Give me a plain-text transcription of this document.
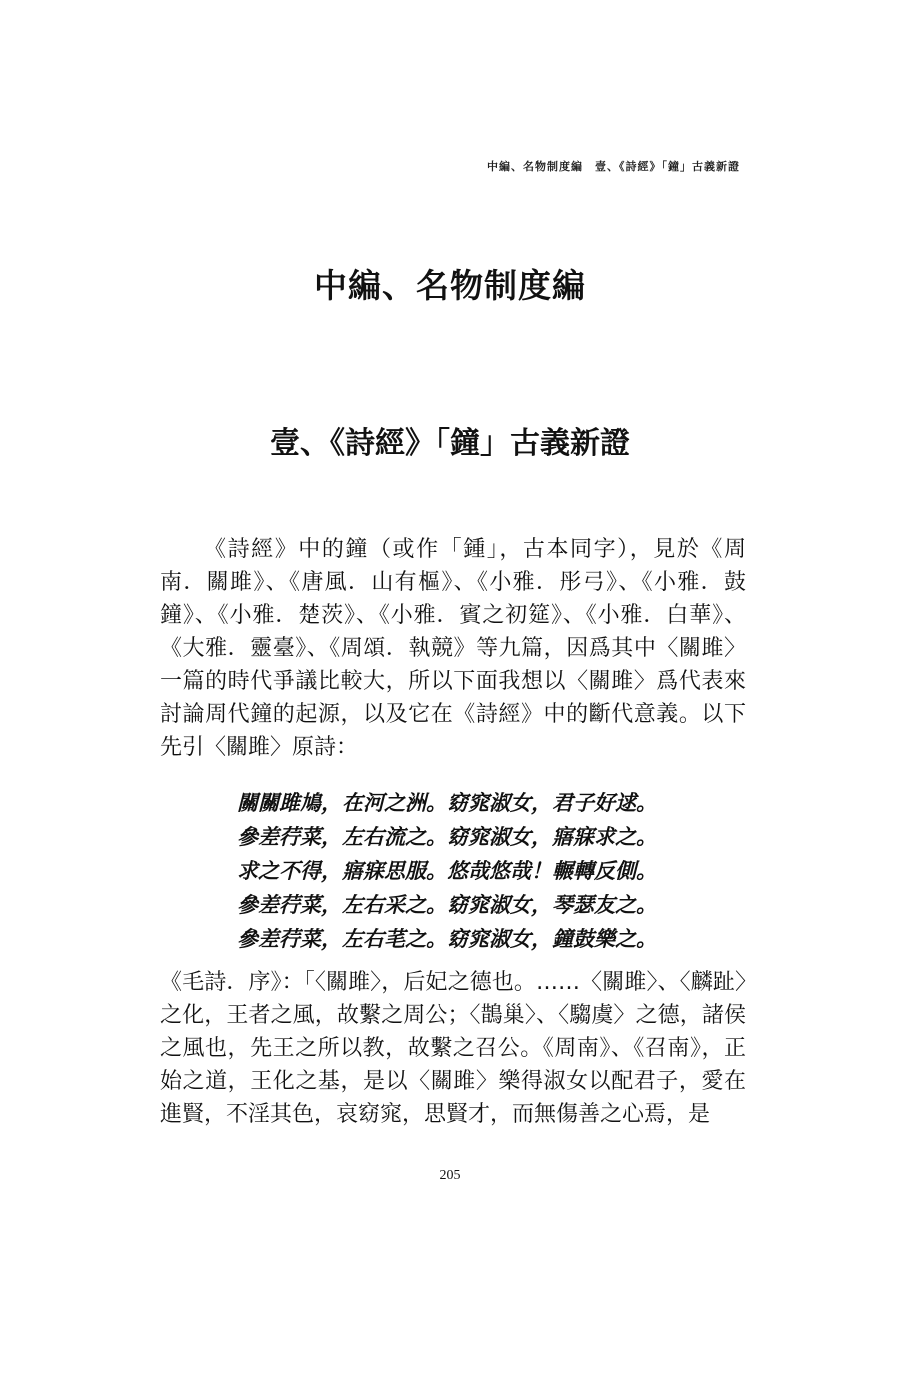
中編、名物制度編　壹、《詩經》「鐘」古義新證
中編、名物制度編
壹、《詩經》「鐘」古義新證

《詩經》中的鐘（或作「鍾」，古本同字），見於《周南．關雎》、《唐風．山有樞》、《小雅．彤弓》、《小雅．鼓鐘》、《小雅．楚茨》、《小雅．賓之初筵》、《小雅．白華》、《大雅．靈臺》、《周頌．執競》等九篇，因爲其中〈關雎〉一篇的時代爭議比較大，所以下面我想以〈關雎〉爲代表來討論周代鐘的起源，以及它在《詩經》中的斷代意義。以下先引〈關雎〉原詩：

關關雎鳩，在河之洲。窈窕淑女，君子好逑。
參差荇菜，左右流之。窈窕淑女，寤寐求之。
求之不得，寤寐思服。悠哉悠哉！輾轉反側。
參差荇菜，左右采之。窈窕淑女，琴瑟友之。
參差荇菜，左右芼之。窈窕淑女，鐘鼓樂之。

《毛詩．序》：「〈關雎〉，后妃之德也。……〈關雎〉、〈麟趾〉之化，王者之風，故繫之周公；〈鵲巢〉、〈騶虞〉之德，諸侯之風也，先王之所以教，故繫之召公。《周南》、《召南》，正始之道，王化之基，是以〈關雎〉樂得淑女以配君子，愛在進賢，不淫其色，哀窈窕，思賢才，而無傷善之心焉，是

205
